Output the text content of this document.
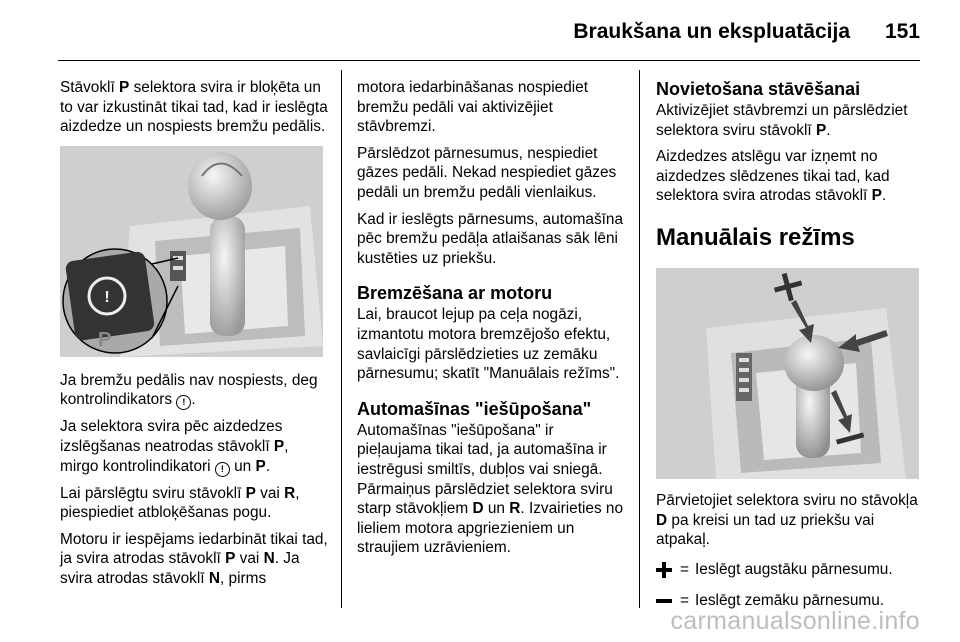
Braukšana un ekspluatācija 151

Stāvoklī P selektora svira ir bloķēta un to var izkustināt tikai tad, kad ir ieslēgta aizdedze un nospiests bremžu pedālis.

!
P

Ja bremžu pedālis nav nospiests, deg kontrolindikators ! .

Ja selektora svira pēc aizdedzes izslēgšanas neatrodas stāvoklī P, mirgo kontrolindikatori ! un P.

Lai pārslēgtu sviru stāvoklī P vai R, piespiediet atbloķēšanas pogu.

Motoru ir iespējams iedarbināt tikai tad, ja svira atrodas stāvoklī P vai N. Ja svira atrodas stāvoklī N, pirms

motora iedarbināšanas nospiediet bremžu pedāli vai aktivizējiet stāvbremzi.

Pārslēdzot pārnesumus, nespiediet gāzes pedāli. Nekad nespiediet gāzes pedāli un bremžu pedāli vienlaikus.

Kad ir ieslēgts pārnesums, automašīna pēc bremžu pedāļa atlaišanas sāk lēni kustēties uz priekšu.

Bremzēšana ar motoru

Lai, braucot lejup pa ceļa nogāzi, izmantotu motora bremzējošo efektu, savlaicīgi pārslēdzieties uz zemāku pārnesumu; skatīt "Manuālais režīms".

Automašīnas "iešūpošana"

Automašīnas "iešūpošana" ir pieļaujama tikai tad, ja automašīna ir iestrēgusi smiltīs, dubļos vai sniegā. Pārmaiņus pārslēdziet selektora sviru starp stāvokļiem D un R. Izvairieties no lieliem motora apgriezieniem un straujiem uzrāvieniem.

Novietošana stāvēšanai

Aktivizējiet stāvbremzi un pārslēdziet selektora sviru stāvoklī P.

Aizdedzes atslēgu var izņemt no aizdedzes slēdzenes tikai tad, kad selektora svira atrodas stāvoklī P.

Manuālais režīms

Pārvietojiet selektora sviru no stāvokļa D pa kreisi un tad uz priekšu vai atpakaļ.

= Ieslēgt augstāku pārnesumu.
= Ieslēgt zemāku pārnesumu.
carmanualsonline.info
